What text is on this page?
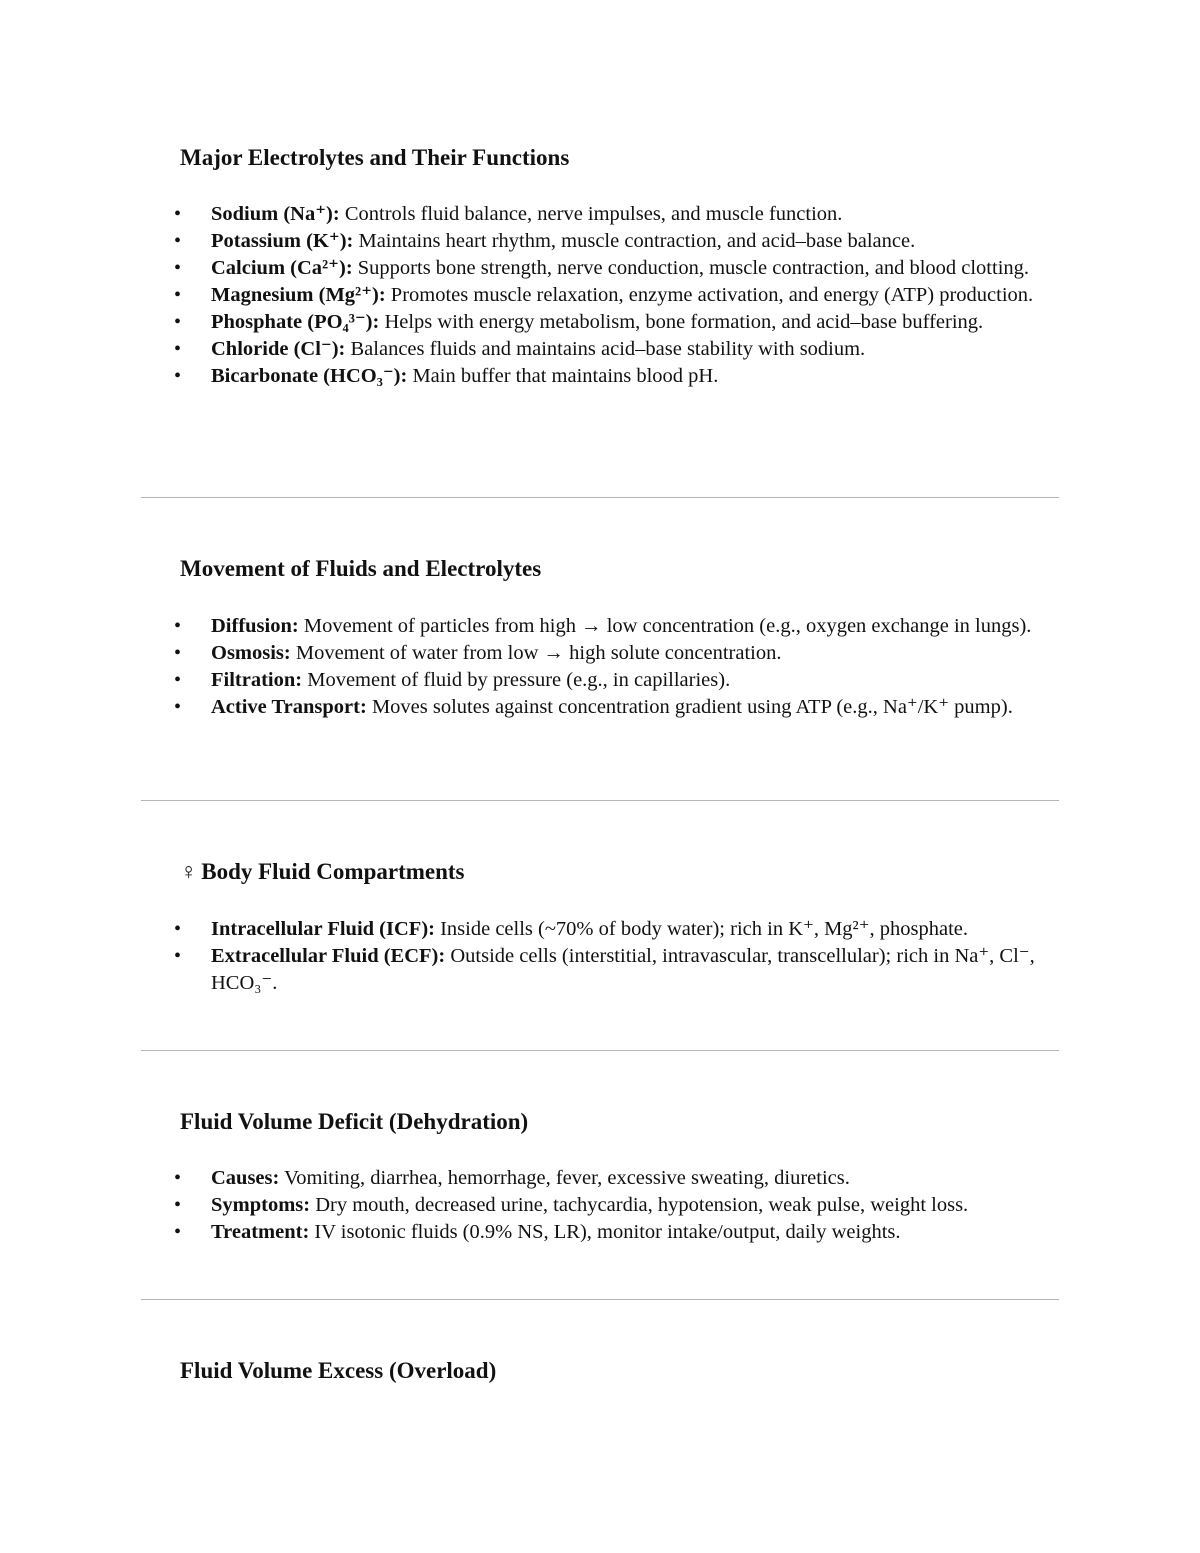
Major Electrolytes and Their Functions
• Sodium (Na⁺): Controls fluid balance, nerve impulses, and muscle function.
• Potassium (K⁺): Maintains heart rhythm, muscle contraction, and acid–base balance.
• Calcium (Ca²⁺): Supports bone strength, nerve conduction, muscle contraction, and blood clotting.
• Magnesium (Mg²⁺): Promotes muscle relaxation, enzyme activation, and energy (ATP) production.
• Phosphate (PO₄³⁻): Helps with energy metabolism, bone formation, and acid–base buffering.
• Chloride (Cl⁻): Balances fluids and maintains acid–base stability with sodium.
• Bicarbonate (HCO₃⁻): Main buffer that maintains blood pH.
Movement of Fluids and Electrolytes
• Diffusion: Movement of particles from high → low concentration (e.g., oxygen exchange in lungs).
• Osmosis: Movement of water from low → high solute concentration.
• Filtration: Movement of fluid by pressure (e.g., in capillaries).
• Active Transport: Moves solutes against concentration gradient using ATP (e.g., Na⁺/K⁺ pump).
♀ Body Fluid Compartments
• Intracellular Fluid (ICF): Inside cells (~70% of body water); rich in K⁺, Mg²⁺, phosphate.
• Extracellular Fluid (ECF): Outside cells (interstitial, intravascular, transcellular); rich in Na⁺, Cl⁻, HCO₃⁻.
Fluid Volume Deficit (Dehydration)
• Causes: Vomiting, diarrhea, hemorrhage, fever, excessive sweating, diuretics.
• Symptoms: Dry mouth, decreased urine, tachycardia, hypotension, weak pulse, weight loss.
• Treatment: IV isotonic fluids (0.9% NS, LR), monitor intake/output, daily weights.
Fluid Volume Excess (Overload)
